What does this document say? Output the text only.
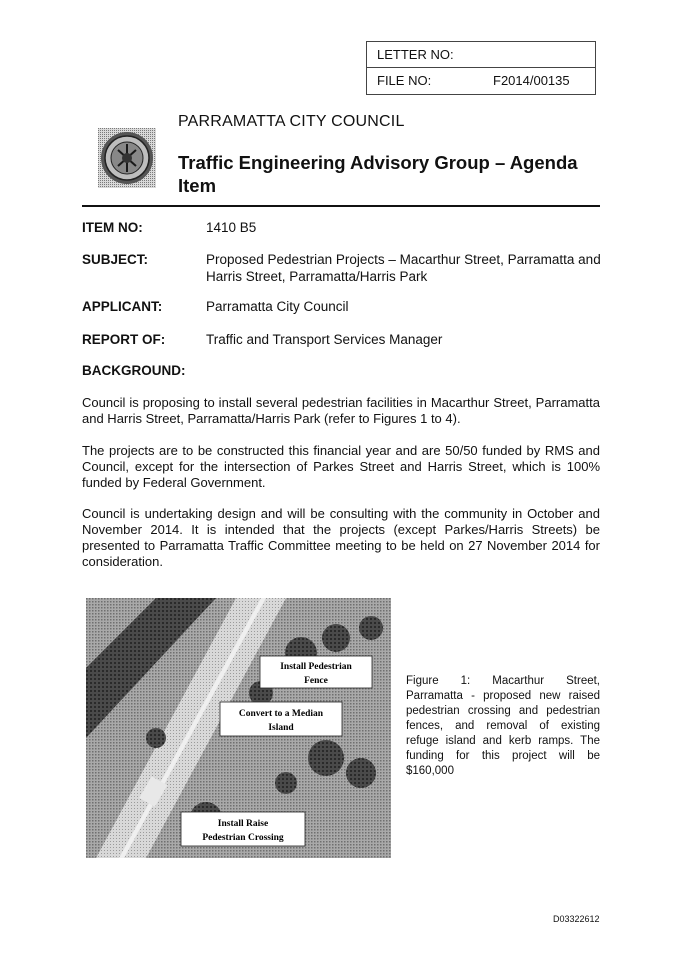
LETTER NO:
FILE NO:	F2014/00135
PARRAMATTA CITY COUNCIL
Traffic Engineering Advisory Group – Agenda Item
ITEM NO:	1410 B5
SUBJECT:	Proposed Pedestrian Projects – Macarthur Street, Parramatta and Harris Street, Parramatta/Harris Park
APPLICANT:	Parramatta City Council
REPORT OF:	Traffic and Transport Services Manager
BACKGROUND:
Council is proposing to install several pedestrian facilities in Macarthur Street, Parramatta and Harris Street, Parramatta/Harris Park (refer to Figures 1 to 4).
The projects are to be constructed this financial year and are 50/50 funded by RMS and Council, except for the intersection of Parkes Street and Harris Street, which is 100% funded by Federal Government.
Council is undertaking design and will be consulting with the community in October and November 2014. It is intended that the projects (except Parkes/Harris Streets) be presented to Parramatta Traffic Committee meeting to be held on 27 November 2014 for consideration.
Install Pedestrian
Fence
Convert to a Median
Island
Install Raise
Pedestrian Crossing
Figure 1: Macarthur Street, Parramatta - proposed new raised pedestrian crossing and pedestrian fences, and removal of existing refuge island and kerb ramps. The funding for this project will be $160,000
D03322612
